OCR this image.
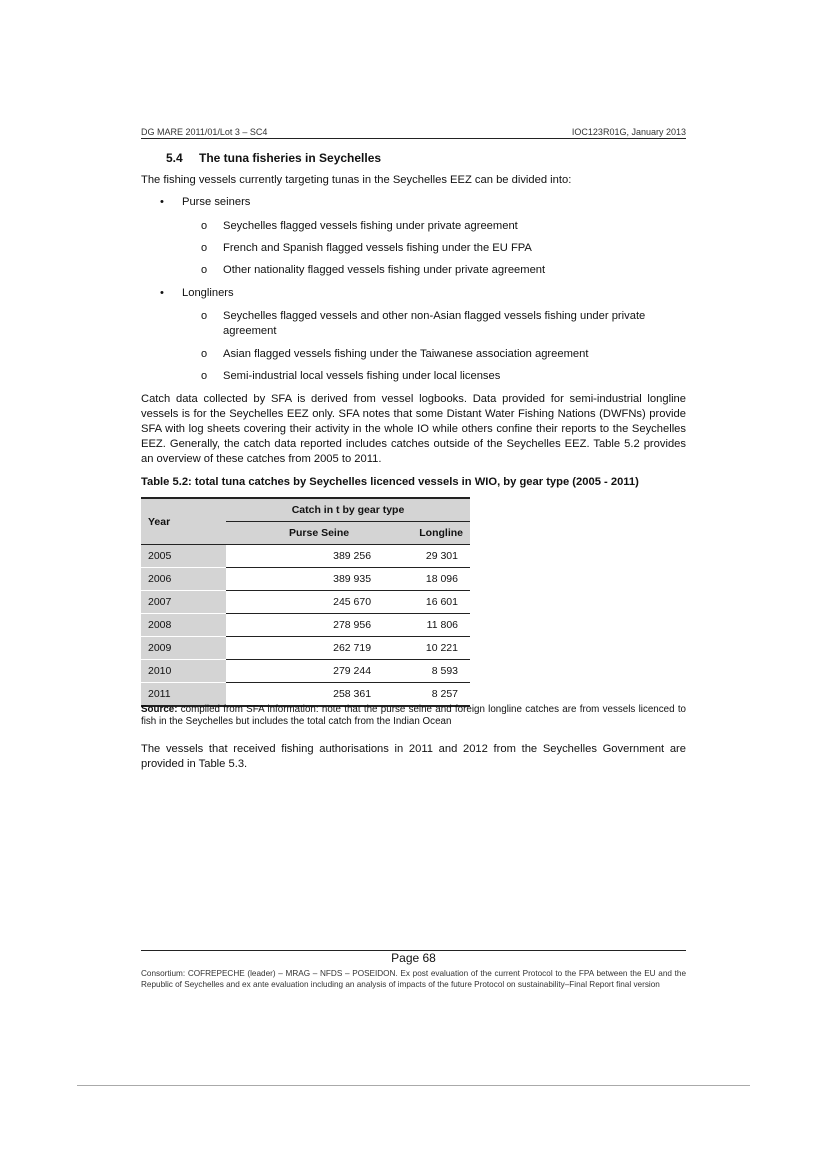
DG MARE 2011/01/Lot 3 – SC4	IOC123R01G, January 2013
5.4 The tuna fisheries in Seychelles
The fishing vessels currently targeting tunas in the Seychelles EEZ can be divided into:
• Purse seiners
o Seychelles flagged vessels fishing under private agreement
o French and Spanish flagged vessels fishing under the EU FPA
o Other nationality flagged vessels fishing under private agreement
• Longliners
o Seychelles flagged vessels and other non-Asian flagged vessels fishing under private agreement
o Asian flagged vessels fishing under the Taiwanese association agreement
o Semi-industrial local vessels fishing under local licenses
Catch data collected by SFA is derived from vessel logbooks. Data provided for semi-industrial longline vessels is for the Seychelles EEZ only. SFA notes that some Distant Water Fishing Nations (DWFNs) provide SFA with log sheets covering their activity in the whole IO while others confine their reports to the Seychelles EEZ. Generally, the catch data reported includes catches outside of the Seychelles EEZ. Table 5.2 provides an overview of these catches from 2005 to 2011.
Table 5.2: total tuna catches by Seychelles licenced vessels in WIO, by gear type (2005 - 2011)
Year	Catch in t by gear type	
	Purse Seine	Longline
2005	389 256	29 301
2006	389 935	18 096
2007	245 670	16 601
2008	278 956	11 806
2009	262 719	10 221
2010	279 244	8 593
2011	258 361	8 257
Source: compiled from SFA information: note that the purse seine and foreign longline catches are from vessels licenced to fish in the Seychelles but includes the total catch from the Indian Ocean
The vessels that received fishing authorisations in 2011 and 2012 from the Seychelles Government are provided in Table 5.3.
Page 68
Consortium: COFREPECHE (leader) – MRAG – NFDS – POSEIDON. Ex post evaluation of the current Protocol to the FPA between the EU and the Republic of Seychelles and ex ante evaluation including an analysis of impacts of the future Protocol on sustainability–Final Report final version
